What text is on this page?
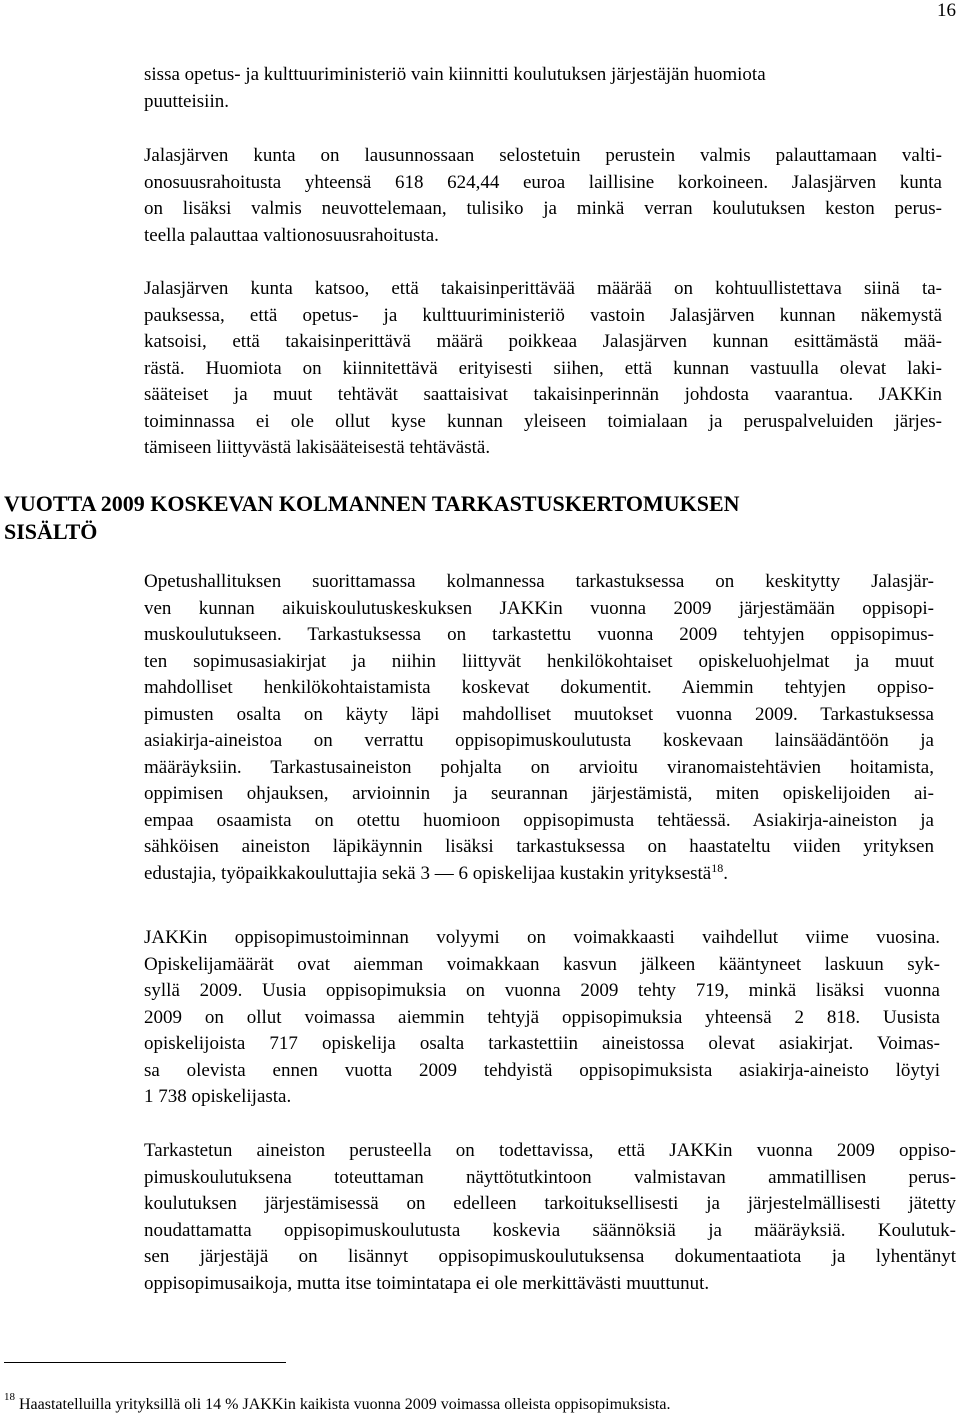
16
sissa opetus- ja kulttuuriministeriö vain kiinnitti koulutuksen järjestäjän huomiota
puutteisiin.
Jalasjärven kunta on lausunnossaan selostetuin perustein valmis palauttamaan valti-
onosuusrahoitusta yhteensä 618 624,44 euroa laillisine korkoineen. Jalasjärven kunta
on lisäksi valmis neuvottelemaan, tulisiko ja minkä verran koulutuksen keston perus-
teella palauttaa valtionosuusrahoitusta.
Jalasjärven kunta katsoo, että takaisinperittävää määrää on kohtuullistettava siinä ta-
pauksessa, että opetus- ja kulttuuriministeriö vastoin Jalasjärven kunnan näkemystä
katsoisi, että takaisinperittävä määrä poikkeaa Jalasjärven kunnan esittämästä mää-
rästä. Huomiota on kiinnitettävä erityisesti siihen, että kunnan vastuulla olevat laki-
sääteiset ja muut tehtävät saattaisivat takaisinperinnän johdosta vaarantua. JAKKin
toiminnassa ei ole ollut kyse kunnan yleiseen toimialaan ja peruspalveluiden järjes-
tämiseen liittyvästä lakisääteisestä tehtävästä.
VUOTTA 2009 KOSKEVAN KOLMANNEN TARKASTUSKERTOMUKSEN
SISÄLTÖ
Opetushallituksen suorittamassa kolmannessa tarkastuksessa on keskitytty Jalasjär-
ven kunnan aikuiskoulutuskeskuksen JAKKin vuonna 2009 järjestämään oppisopi-
muskoulutukseen. Tarkastuksessa on tarkastettu vuonna 2009 tehtyjen oppisopimus-
ten sopimusasiakirjat ja niihin liittyvät henkilökohtaiset opiskeluohjelmat ja muut
mahdolliset henkilökohtaistamista koskevat dokumentit. Aiemmin tehtyjen opp​iso-
pimusten osalta on käyty läpi mahdolliset muutokset vuonna 2009. Tarkastuksessa
asiakirja-aineistoa on verrattu oppisopimuskoulutusta koskevaan lainsäädäntöön ja
määräyksiin. Tarkastusaineiston pohjalta on arvioitu viranomaistehtävien hoitamista,
oppimisen ohjauksen, arvioinnin ja seurannan järjestämistä, miten opiskelijoiden ai-
empaa osaamista on otettu huomioon oppisopimusta tehtäessä. Asiakirja-aineiston ja
sähköisen aineiston läpikäynnin lisäksi tarkastuksessa on haastateltu viiden yrityksen
edustajia, työpaikkakouluttajia sekä 3 — 6 opiskelijaa kustakin yrityksestä$^{18}$.
JAKKin oppisopimustoiminnan volyymi on voimakkaasti vaihdellut viime vuosina.
Opiskelijamäärät ovat aiemman voimakkaan kasvun jälkeen kääntyneet laskuun syk-
syllä 2009. Uusia oppisopimuksia on vuonna 2009 tehty 719, minkä lisäksi vuonna
2009 on ollut voimassa aiemmin tehtyjä oppisopimuksia yhteensä 2 818. Uusista
opiskelijoista 717 opiskelija osalta tarkastettiin aineistossa olevat asiakirjat. Voimas-
sa olevista ennen vuotta 2009 tehdyistä oppisopimuksista asiakirja-aineisto löytyi
1 738 opiskelijasta.
Tarkastetun aineiston perusteella on todettavissa, että JAKKin vuonna 2009 oppiso-
pimuskoulutuksena toteuttaman näyttötutkintoon valmistavan ammatillisen perus-
koulutuksen järjestämisessä on edelleen tarkoituksellisesti ja järjestelmällisesti jätetty
noudattamatta oppisopimuskoulutusta koskevia säännöksiä ja määräyksiä. Koulutuk-
sen järjestäjä on lisännyt oppisopimuskoulutuksensa dokumentaatiota ja lyhentänyt
oppisopimusaikoja, mutta itse toimintatapa ei ole merkittävästi muuttunut.
$^{18}$ Haastatelluilla yrityksillä oli 14 % JAKKin kaikista vuonna 2009 voimassa olleista oppisopimuksista.
